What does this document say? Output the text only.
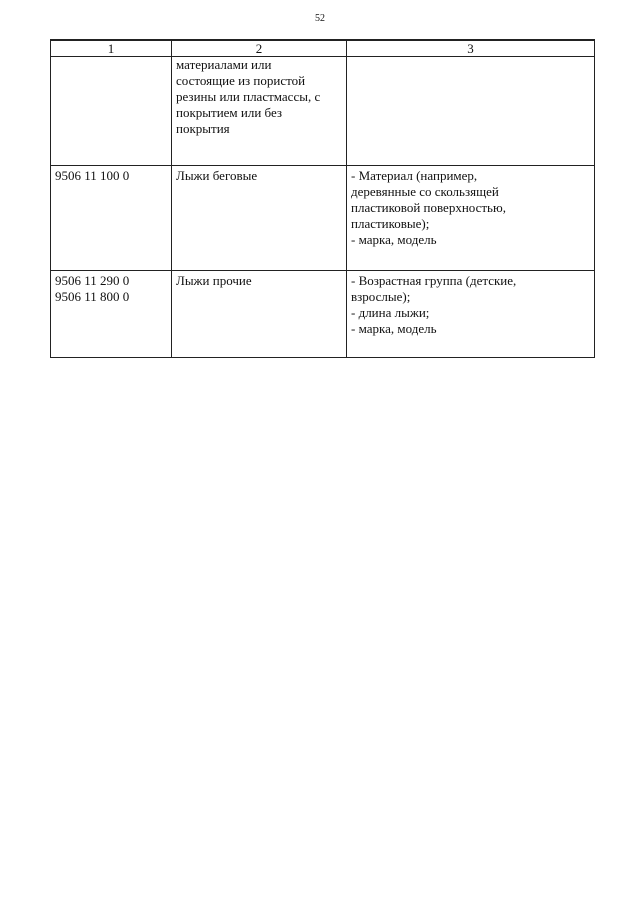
52
1	2	3

	материалами или
состоящие из пористой
резины или пластмассы, с
покрытием или без
покрытия	

9506 11 100 0	Лыжи беговые	- Материал (например,
деревянные со скользящей
пластиковой поверхностью,
пластиковые);
- марка, модель

9506 11 290 0
9506 11 800 0	Лыжи прочие	- Возрастная группа (детские,
взрослые);
- длина лыжи;
- марка, модель
